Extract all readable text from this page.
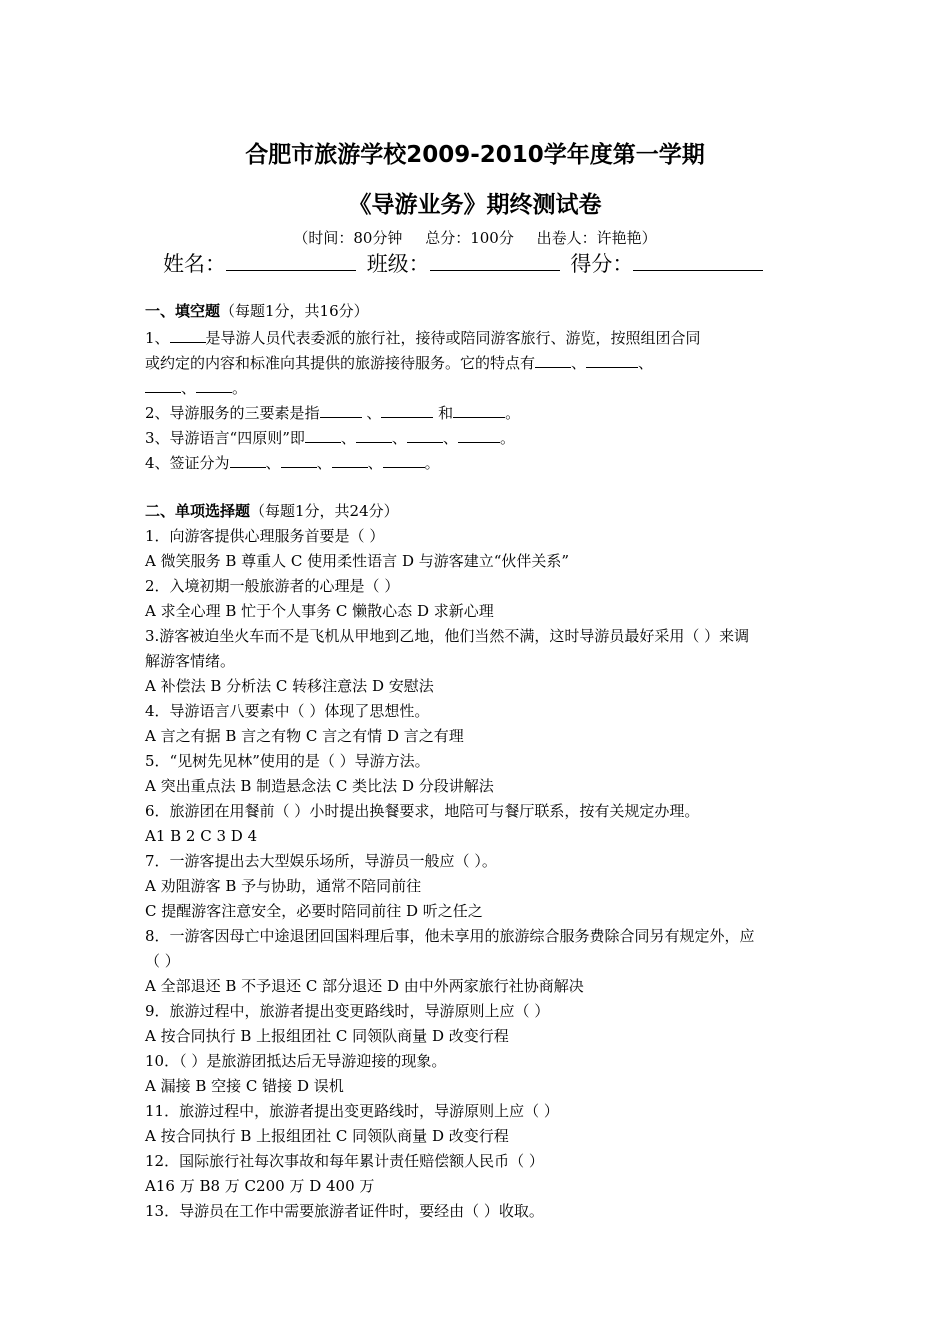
合肥市旅游学校2009-2010学年度第一学期
《导游业务》期终测试卷
（时间：80分钟 总分：100分 出卷人：许艳艳）
姓名：	班级：	得分：
一、填空题（每题1分，共16分）
1、 是导游人员代表委派的旅行社，接待或陪同游客旅行、游览，按照组团合同
或约定的内容和标准向其提供的旅游接待服务。它的特点有 、	、
、 。
2、导游服务的三要素是指	、	和	。
3、导游语言“四原则”即 、 、 、	。
4、签证分为 、 、 、	。
二、单项选择题（每题1分，共24分）
1．向游客提供心理服务首要是（ ）
A 微笑服务 B 尊重人 C 使用柔性语言 D 与游客建立“伙伴关系”
2．入境初期一般旅游者的心理是（ ）
A 求全心理 B 忙于个人事务 C 懒散心态 D 求新心理
3.游客被迫坐火车而不是飞机从甲地到乙地，他们当然不满，这时导游员最好采用（ ）来调
解游客情绪。
A 补偿法 B 分析法 C 转移注意法 D 安慰法
4．导游语言八要素中（ ）体现了思想性。
A 言之有据 B 言之有物 C 言之有情 D 言之有理
5．“见树先见林”使用的是（ ）导游方法。
A 突出重点法 B 制造悬念法 C 类比法 D 分段讲解法
6．旅游团在用餐前（ ）小时提出换餐要求，地陪可与餐厅联系，按有关规定办理。
A1 B 2 C 3 D 4
7．一游客提出去大型娱乐场所，导游员一般应（ ）。
A 劝阻游客 B 予与协助，通常不陪同前往
C 提醒游客注意安全，必要时陪同前往 D 听之任之
8．一游客因母亡中途退团回国料理后事，他未享用的旅游综合服务费除合同另有规定外，应
（ ）
A 全部退还 B 不予退还 C 部分退还 D 由中外两家旅行社协商解决
9．旅游过程中，旅游者提出变更路线时，导游原则上应（ ）
A 按合同执行 B 上报组团社 C 同领队商量 D 改变行程
10．（ ）是旅游团抵达后无导游迎接的现象。
A 漏接 B 空接 C 错接 D 误机
11．旅游过程中，旅游者提出变更路线时，导游原则上应（ ）
A 按合同执行 B 上报组团社 C 同领队商量 D 改变行程
12．国际旅行社每次事故和每年累计责任赔偿额人民币（ ）
A16 万 B8 万 C200 万 D 400 万
13．导游员在工作中需要旅游者证件时，要经由（ ）收取。
